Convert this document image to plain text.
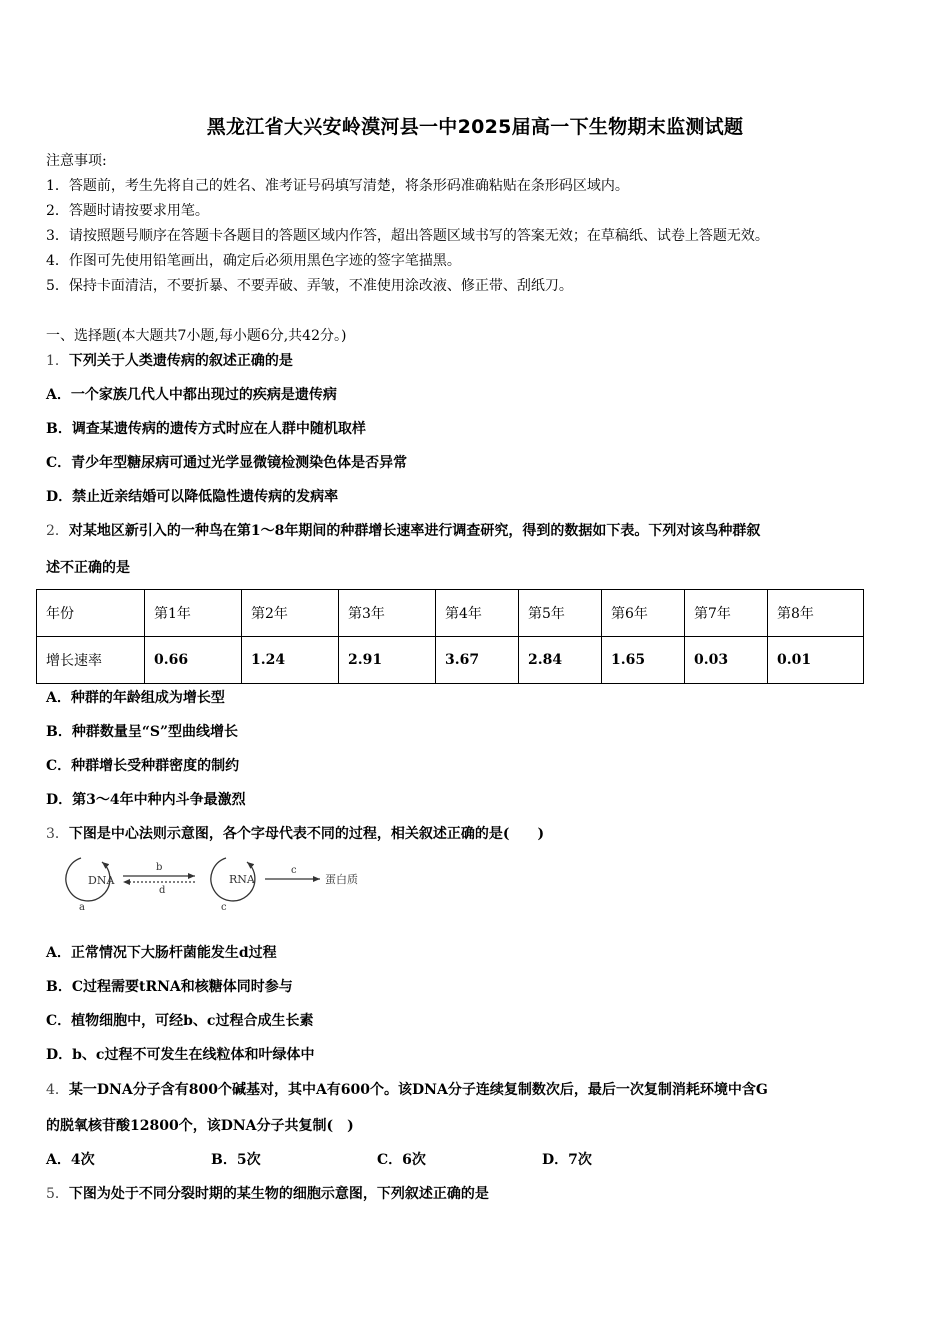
黑龙江省大兴安岭漠河县一中2025届高一下生物期末监测试题
注意事项:
1．答题前，考生先将自己的姓名、准考证号码填写清楚，将条形码准确粘贴在条形码区域内。
2．答题时请按要求用笔。
3．请按照题号顺序在答题卡各题目的答题区域内作答，超出答题区域书写的答案无效；在草稿纸、试卷上答题无效。
4．作图可先使用铅笔画出，确定后必须用黑色字迹的签字笔描黑。
5．保持卡面清洁，不要折暴、不要弄破、弄皱，不准使用涂改液、修正带、刮纸刀。
一、选择题(本大题共7小题,每小题6分,共42分。)
1．下列关于人类遗传病的叙述正确的是
A．一个家族几代人中都出现过的疾病是遗传病
B．调查某遗传病的遗传方式时应在人群中随机取样
C．青少年型糖尿病可通过光学显微镜检测染色体是否异常
D．禁止近亲结婚可以降低隐性遗传病的发病率
2．对某地区新引入的一种鸟在第1〜8年期间的种群增长速率进行调查研究，得到的数据如下表。下列对该鸟种群叙
述不正确的是
年份	第1年	第2年	第3年	第4年	第5年	第6年	第7年	第8年
增长速率	0.66	1.24	2.91	3.67	2.84	1.65	0.03	0.01
A．种群的年龄组成为增长型
B．种群数量呈“S”型曲线增长
C．种群增长受种群密度的制约
D．第3〜4年中种内斗争最激烈
3．下图是中心法则示意图，各个字母代表不同的过程，相关叙述正确的是(　　)
DNA
a
b
d
RNA
c
c
蛋白质
A．正常情况下大肠杆菌能发生d过程
B．C过程需要tRNA和核糖体同时参与
C．植物细胞中，可经b、c过程合成生长素
D．b、c过程不可发生在线粒体和叶绿体中
4．某一DNA分子含有800个碱基对，其中A有600个。该DNA分子连续复制数次后，最后一次复制消耗环境中含G
的脱氧核苷酸12800个，该DNA分子共复制(　)
A．4次	B．5次	C．6次	D．7次
5．下图为处于不同分裂时期的某生物的细胞示意图，下列叙述正确的是
